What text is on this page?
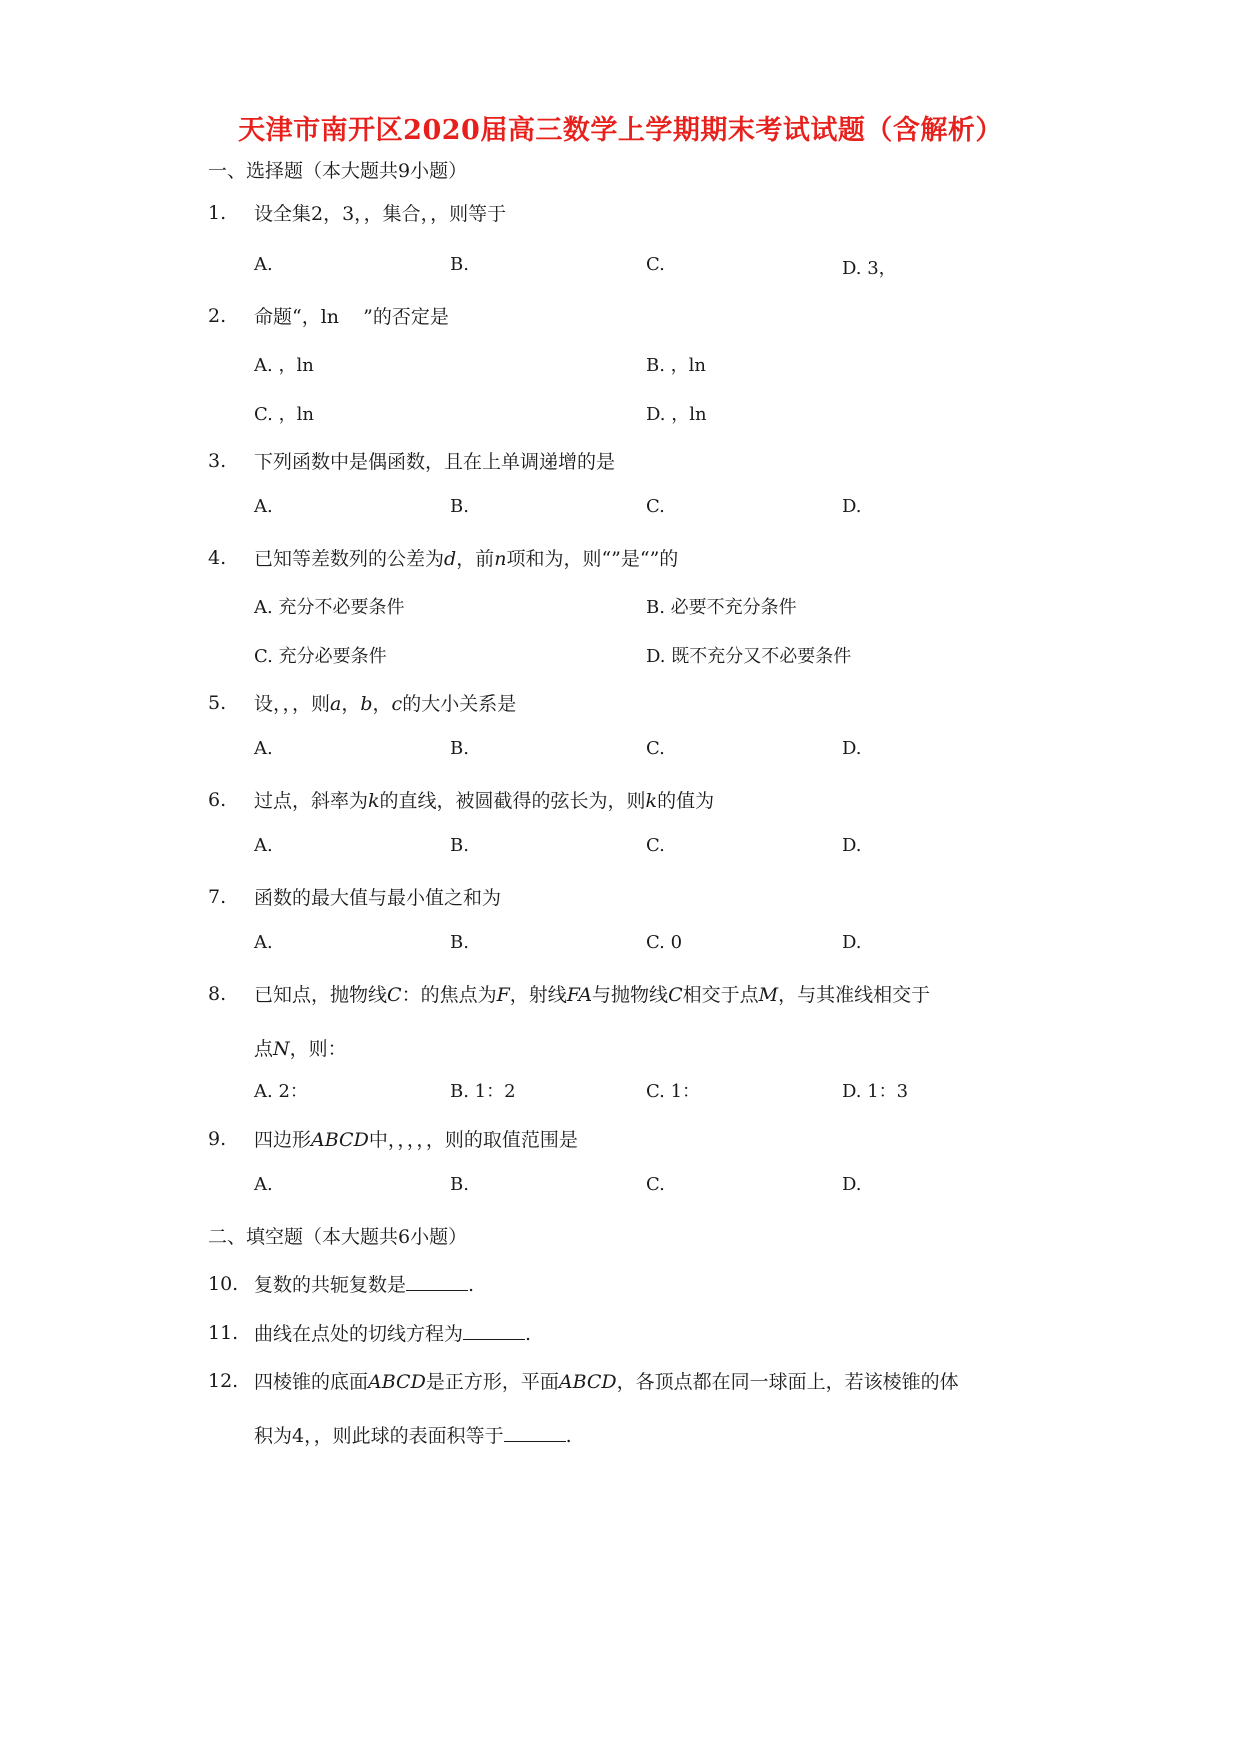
天津市南开区2020届高三数学上学期期末考试试题（含解析）
一、选择题（本大题共9小题）
1. 设全集2，3，，集合，，则等于
A.	B.	C.	D. 3，
2. 命题“，ln    ”的否定是
A. ，ln	B. ，ln
C. ，ln	D. ，ln
3. 下列函数中是偶函数，且在上单调递增的是
A.	B.	C.	D.
4. 已知等差数列的公差为d，前n项和为，则“”是“”的
A. 充分不必要条件	B. 必要不充分条件
C. 充分必要条件	D. 既不充分又不必要条件
5. 设，，，则a，b，c的大小关系是
A.	B.	C.	D.
6. 过点，斜率为k的直线，被圆截得的弦长为，则k的值为
A.	B.	C.	D.
7. 函数的最大值与最小值之和为
A.	B.	C. 0	D.
8. 已知点，抛物线C：的焦点为F，射线FA与抛物线C相交于点M，与其准线相交于
点N，则：
A. 2：	B. 1：2	C. 1：	D. 1：3
9. 四边形ABCD中，，，，，则的取值范围是
A.	B.	C.	D.
二、填空题（本大题共6小题）
10. 复数的共轭复数是	.
11. 曲线在点处的切线方程为	.
12. 四棱锥的底面ABCD是正方形，平面ABCD，各顶点都在同一球面上，若该棱锥的体
积为4，，则此球的表面积等于	.
